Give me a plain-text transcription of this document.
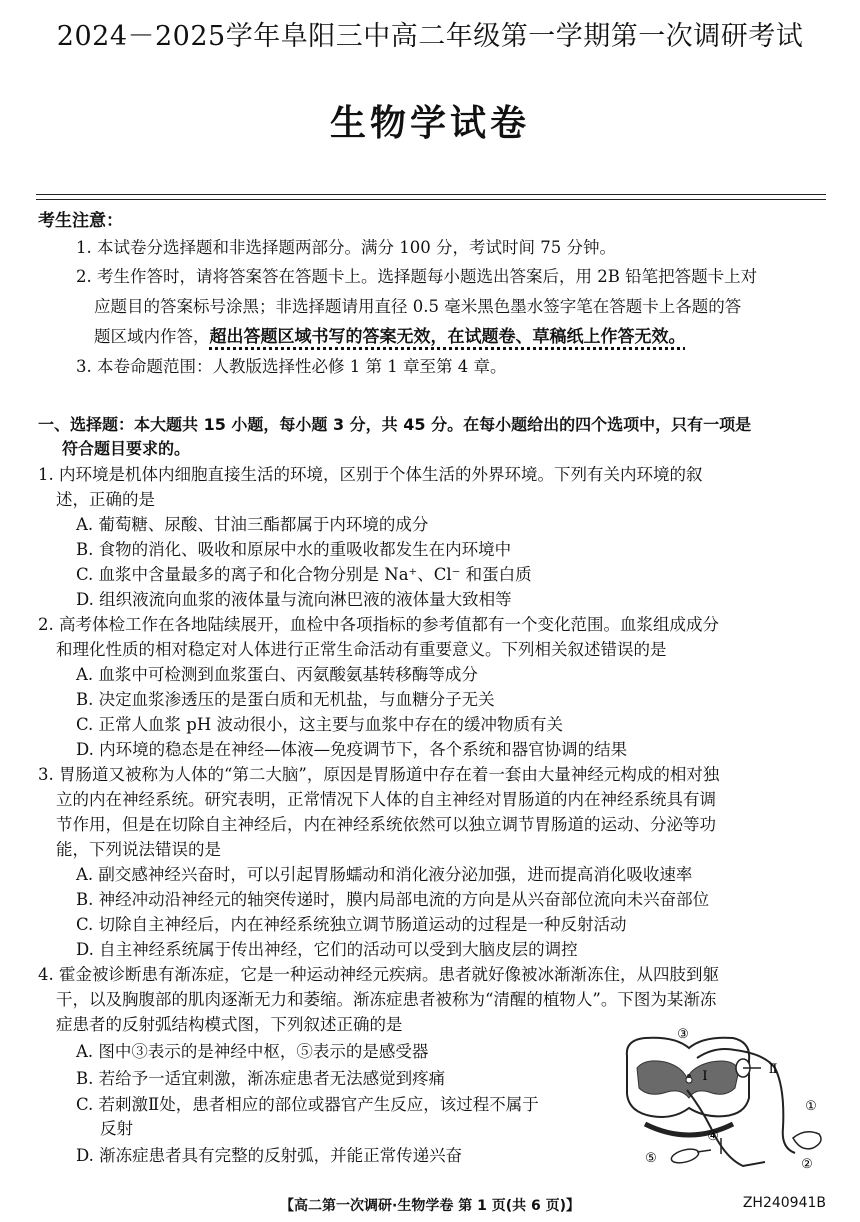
2024－2025学年阜阳三中高二年级第一学期第一次调研考试
生物学试卷
考生注意：
1. 本试卷分选择题和非选择题两部分。满分 100 分，考试时间 75 分钟。
2. 考生作答时，请将答案答在答题卡上。选择题每小题选出答案后，用 2B 铅笔把答题卡上对
应题目的答案标号涂黑；非选择题请用直径 0.5 毫米黑色墨水签字笔在答题卡上各题的答
题区域内作答，超出答题区域书写的答案无效，在试题卷、草稿纸上作答无效。
3. 本卷命题范围：人教版选择性必修 1 第 1 章至第 4 章。
一、选择题：本大题共 15 小题，每小题 3 分，共 45 分。在每小题给出的四个选项中，只有一项是
符合题目要求的。
1. 内环境是机体内细胞直接生活的环境，区别于个体生活的外界环境。下列有关内环境的叙
述，正确的是
A. 葡萄糖、尿酸、甘油三酯都属于内环境的成分
B. 食物的消化、吸收和原尿中水的重吸收都发生在内环境中
C. 血浆中含量最多的离子和化合物分别是 Na⁺、Cl⁻ 和蛋白质
D. 组织液流向血浆的液体量与流向淋巴液的液体量大致相等
2. 高考体检工作在各地陆续展开，血检中各项指标的参考值都有一个变化范围。血浆组成成分
和理化性质的相对稳定对人体进行正常生命活动有重要意义。下列相关叙述错误的是
A. 血浆中可检测到血浆蛋白、丙氨酸氨基转移酶等成分
B. 决定血浆渗透压的是蛋白质和无机盐，与血糖分子无关
C. 正常人血浆 pH 波动很小，这主要与血浆中存在的缓冲物质有关
D. 内环境的稳态是在神经—体液—免疫调节下，各个系统和器官协调的结果
3. 胃肠道又被称为人体的“第二大脑”，原因是胃肠道中存在着一套由大量神经元构成的相对独
立的内在神经系统。研究表明，正常情况下人体的自主神经对胃肠道的内在神经系统具有调
节作用，但是在切除自主神经后，内在神经系统依然可以独立调节胃肠道的运动、分泌等功
能，下列说法错误的是
A. 副交感神经兴奋时，可以引起胃肠蠕动和消化液分泌加强，进而提高消化吸收速率
B. 神经冲动沿神经元的轴突传递时，膜内局部电流的方向是从兴奋部位流向未兴奋部位
C. 切除自主神经后，内在神经系统独立调节肠道运动的过程是一种反射活动
D. 自主神经系统属于传出神经，它们的活动可以受到大脑皮层的调控
4. 霍金被诊断患有渐冻症，它是一种运动神经元疾病。患者就好像被冰渐渐冻住，从四肢到躯
干，以及胸腹部的肌肉逐渐无力和萎缩。渐冻症患者被称为“清醒的植物人”。下图为某渐冻
症患者的反射弧结构模式图，下列叙述正确的是
A. 图中③表示的是神经中枢，⑤表示的是感受器
B. 若给予一适宜刺激，渐冻症患者无法感觉到疼痛
C. 若刺激Ⅱ处，患者相应的部位或器官产生反应，该过程不属于
反射
D. 渐冻症患者具有完整的反射弧，并能正常传递兴奋
③
Ⅰ	Ⅱ
①
④
⑤	②
【高二第一次调研·生物学卷 第 1 页(共 6 页)】	ZH240941B
